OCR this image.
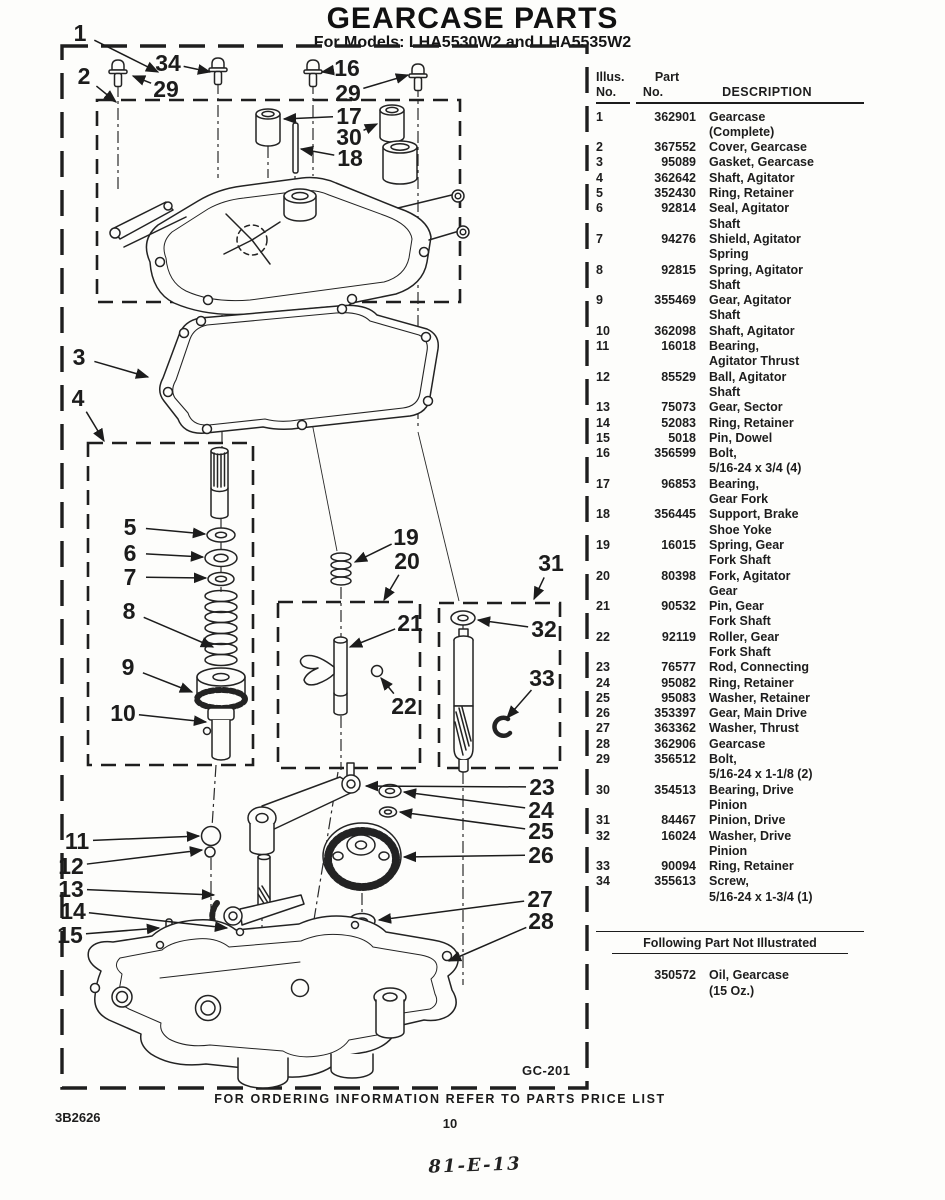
GEARCASE PARTS
For Models: LHA5530W2 and LHA5535W2
1
2	34
29
16
29
17
30
18
3
4
5
6
7
8
9
10
19
20
21
22
31
32
33
23
24
25
26
27
28
11
12
13
14
15
GC-201
Illus.	Part
No.	No.	DESCRIPTION
1	362901 Gearcase
(Complete)
2	367552 Cover, Gearcase
3	95089 Gasket, Gearcase
4	362642 Shaft, Agitator
5	352430 Ring, Retainer
6	92814 Seal, Agitator
Shaft
7	94276 Shield, Agitator
Spring
8	92815 Spring, Agitator
Shaft
9	355469 Gear, Agitator
Shaft
10	362098 Shaft, Agitator
11	16018 Bearing,
Agitator Thrust
12	85529 Ball, Agitator
Shaft
13	75073 Gear, Sector
14	52083 Ring, Retainer
15	5018 Pin, Dowel
16	356599 Bolt,
5/16-24 x 3/4 (4)
17	96853 Bearing,
Gear Fork
18	356445 Support, Brake
Shoe Yoke
19	16015 Spring, Gear
Fork Shaft
20	80398 Fork, Agitator
Gear
21	90532 Pin, Gear
Fork Shaft
22	92119 Roller, Gear
Fork Shaft
23	76577 Rod, Connecting
24	95082 Ring, Retainer
25	95083 Washer, Retainer
26	353397 Gear, Main Drive
27	363362 Washer, Thrust
28	362906 Gearcase
29	356512 Bolt,
5/16-24 x 1-1/8 (2)
30	354513 Bearing, Drive
Pinion
31	84467 Pinion, Drive
32	16024 Washer, Drive
Pinion
33	90094 Ring, Retainer
34	355613 Screw,
5/16-24 x 1-3/4 (1)
Following Part Not Illustrated
350572 Oil, Gearcase
(15 Oz.)
FOR ORDERING INFORMATION REFER TO PARTS PRICE LIST
3B2626	10
81-E-13
